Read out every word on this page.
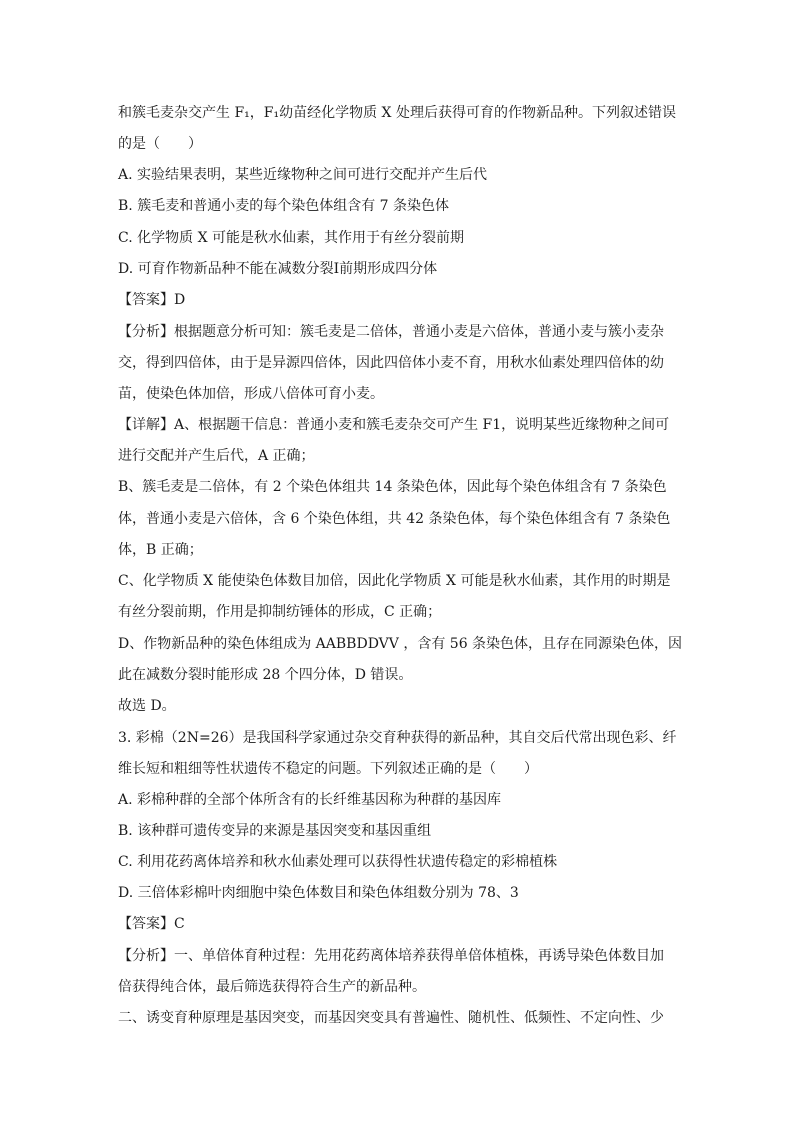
和簇毛麦杂交产生 F₁，F₁幼苗经化学物质 X 处理后获得可育的作物新品种。下列叙述错误
的是（　　）
A. 实验结果表明，某些近缘物种之间可进行交配并产生后代
B. 簇毛麦和普通小麦的每个染色体组含有 7 条染色体
C. 化学物质 X 可能是秋水仙素，其作用于有丝分裂前期
D. 可育作物新品种不能在减数分裂Ⅰ前期形成四分体
【答案】D
【分析】根据题意分析可知：簇毛麦是二倍体，普通小麦是六倍体，普通小麦与簇小麦杂
交，得到四倍体，由于是异源四倍体，因此四倍体小麦不育，用秋水仙素处理四倍体的幼
苗，使染色体加倍，形成八倍体可育小麦。
【详解】A、根据题干信息：普通小麦和簇毛麦杂交可产生 F1，说明某些近缘物种之间可
进行交配并产生后代，A 正确；
B、簇毛麦是二倍体，有 2 个染色体组共 14 条染色体，因此每个染色体组含有 7 条染色
体，普通小麦是六倍体，含 6 个染色体组，共 42 条染色体，每个染色体组含有 7 条染色
体，B 正确；
C、化学物质 X 能使染色体数目加倍，因此化学物质 X 可能是秋水仙素，其作用的时期是
有丝分裂前期，作用是抑制纺锤体的形成，C 正确；
D、作物新品种的染色体组成为 AABBDDVV ，含有 56 条染色体，且存在同源染色体，因
此在减数分裂时能形成 28 个四分体，D 错误。
故选 D。
3. 彩棉（2N=26）是我国科学家通过杂交育种获得的新品种，其自交后代常出现色彩、纤
维长短和粗细等性状遗传不稳定的问题。下列叙述正确的是（　　）
A. 彩棉种群的全部个体所含有的长纤维基因称为种群的基因库
B. 该种群可遗传变异的来源是基因突变和基因重组
C. 利用花药离体培养和秋水仙素处理可以获得性状遗传稳定的彩棉植株
D. 三倍体彩棉叶肉细胞中染色体数目和染色体组数分别为 78、3
【答案】C
【分析】一、单倍体育种过程：先用花药离体培养获得单倍体植株，再诱导染色体数目加
倍获得纯合体，最后筛选获得符合生产的新品种。
二、诱变育种原理是基因突变，而基因突变具有普遍性、随机性、低频性、不定向性、少
